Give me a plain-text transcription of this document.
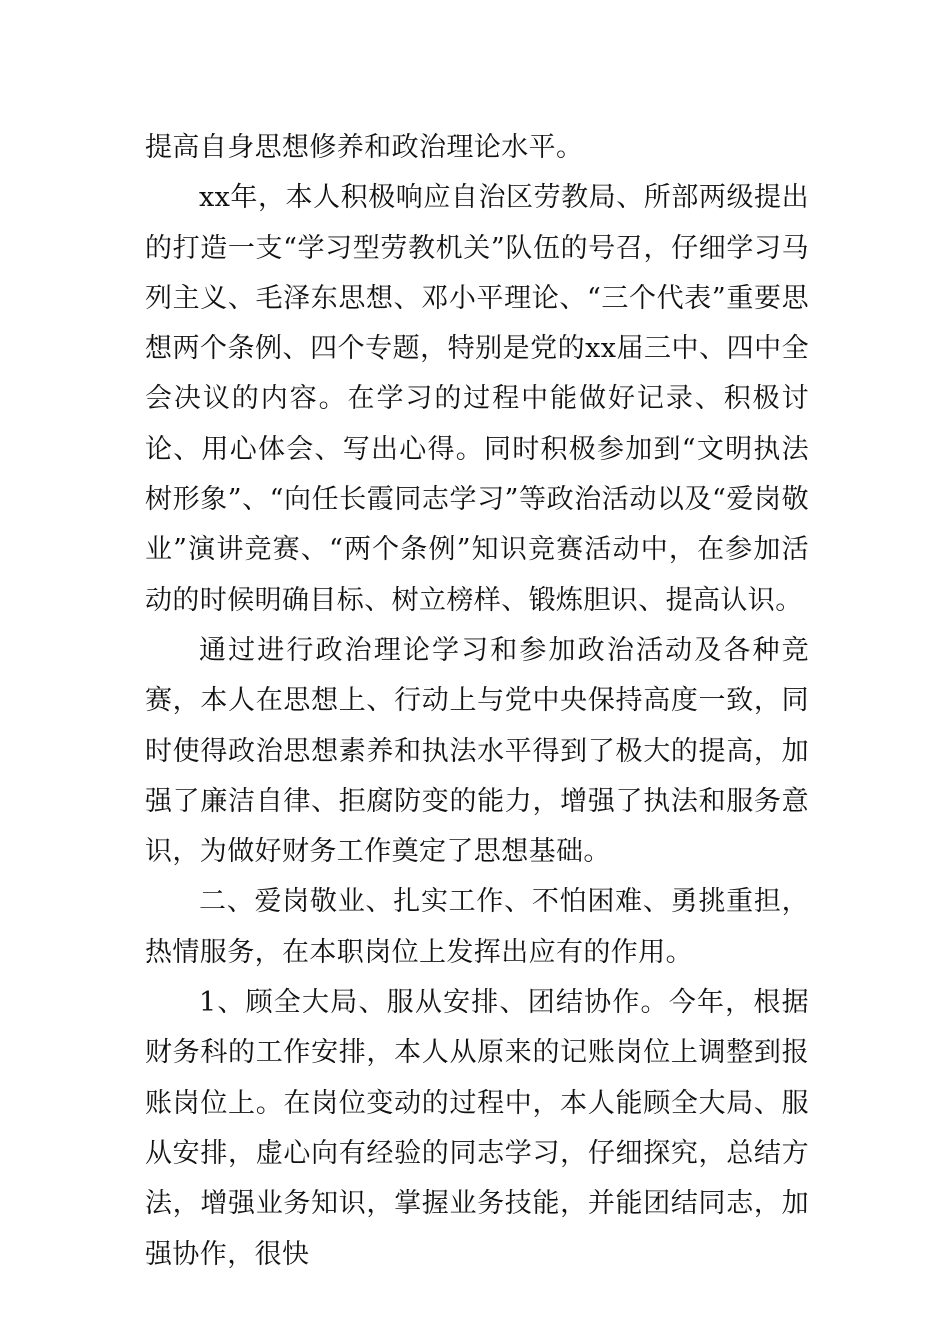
提高自身思想修养和政治理论水平。

xx年，本人积极响应自治区劳教局、所部两级提出的打造一支“学习型劳教机关”队伍的号召，仔细学习马列主义、毛泽东思想、邓小平理论、“三个代表”重要思想两个条例、四个专题，特别是党的xx届三中、四中全会决议的内容。在学习的过程中能做好记录、积极讨论、用心体会、写出心得。同时积极参加到“文明执法树形象”、“向任长霞同志学习”等政治活动以及“爱岗敬业”演讲竞赛、“两个条例”知识竞赛活动中，在参加活动的时候明确目标、树立榜样、锻炼胆识、提高认识。

通过进行政治理论学习和参加政治活动及各种竞赛，本人在思想上、行动上与党中央保持高度一致，同时使得政治思想素养和执法水平得到了极大的提高，加强了廉洁自律、拒腐防变的能力，增强了执法和服务意识，为做好财务工作奠定了思想基础。

二、爱岗敬业、扎实工作、不怕困难、勇挑重担，热情服务，在本职岗位上发挥出应有的作用。

1、顾全大局、服从安排、团结协作。今年，根据财务科的工作安排，本人从原来的记账岗位上调整到报账岗位上。在岗位变动的过程中，本人能顾全大局、服从安排，虚心向有经验的同志学习，仔细探究，总结方法，增强业务知识，掌握业务技能，并能团结同志，加强协作，很快
